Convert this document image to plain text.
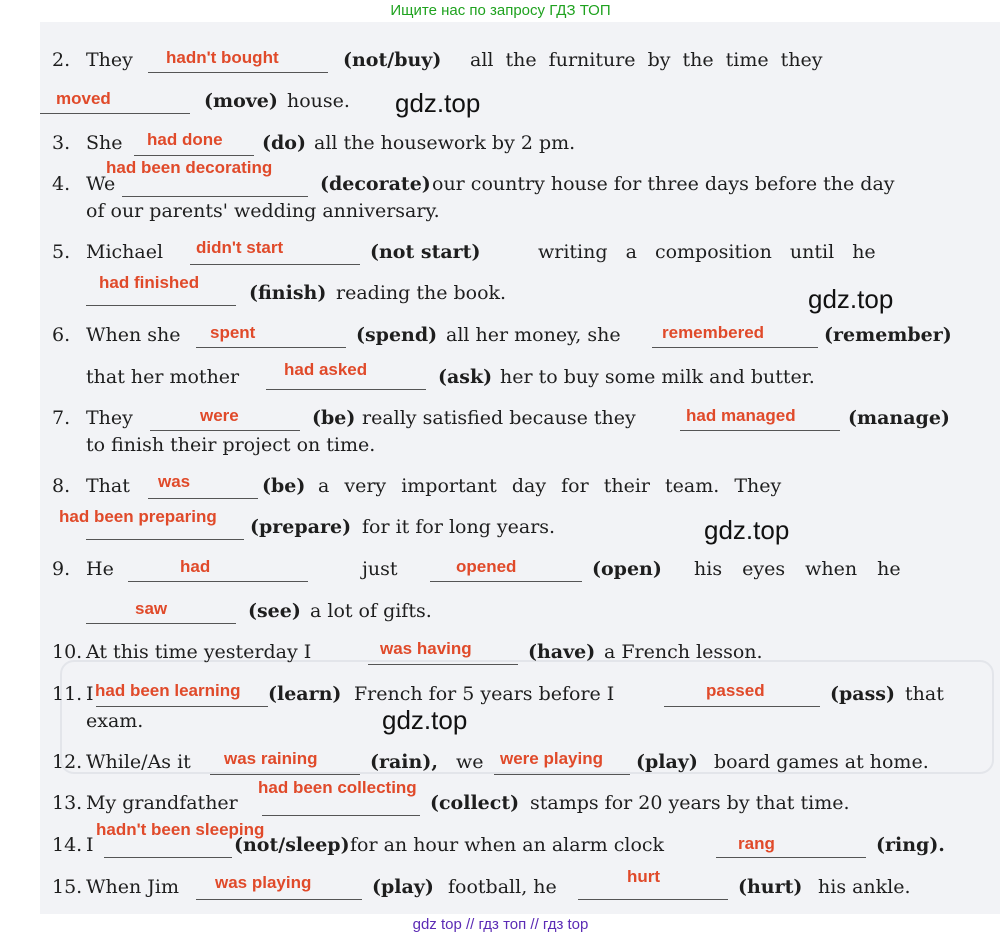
Ищите нас по запросу ГДЗ ТОП
2. They hadn't bought	(not/buy) all the furniture by the time they
moved	(move) house.
3. She had done (do) all the housework by 2 pm.
4. We
had been decorating
(decorate) our country house for three days before the day
of our parents' wedding anniversary.
5. Michael didn't start	(not start)	writing a composition until he
had finished	(finish) reading the book.
6. When she spent	(spend) all her money, she remembered	(remember)
that her mother	had asked	(ask) her to buy some milk and butter.
7. They	were	(be) really satisfied because they	had managed	(manage)
to finish their project on time.
8. That was	(be) a very important day for their team. They
had been preparing (prepare) for it for long years.
9. He	had	just	opened	(open) his eyes when he
saw	(see) a lot of gifts.
10. At this time yesterday I	was having	(have) a French lesson.
11. I had been learning (learn) French for 5 years before I	passed	(pass) that
exam.
12. While/As it was raining	(rain), we were playing (play) board games at home.
13. My grandfather
had been collecting
(collect) stamps for 20 years by that time.
14. I
hadn't been sleeping
(not/sleep) for an hour when an alarm clock	rang	(ring).
15. When Jim was playing	(play) football, he	hurt	(hurt) his ankle.
gdz.top
gdz.top
gdz.top
gdz.top
gdz top // гдз топ // гдз top
